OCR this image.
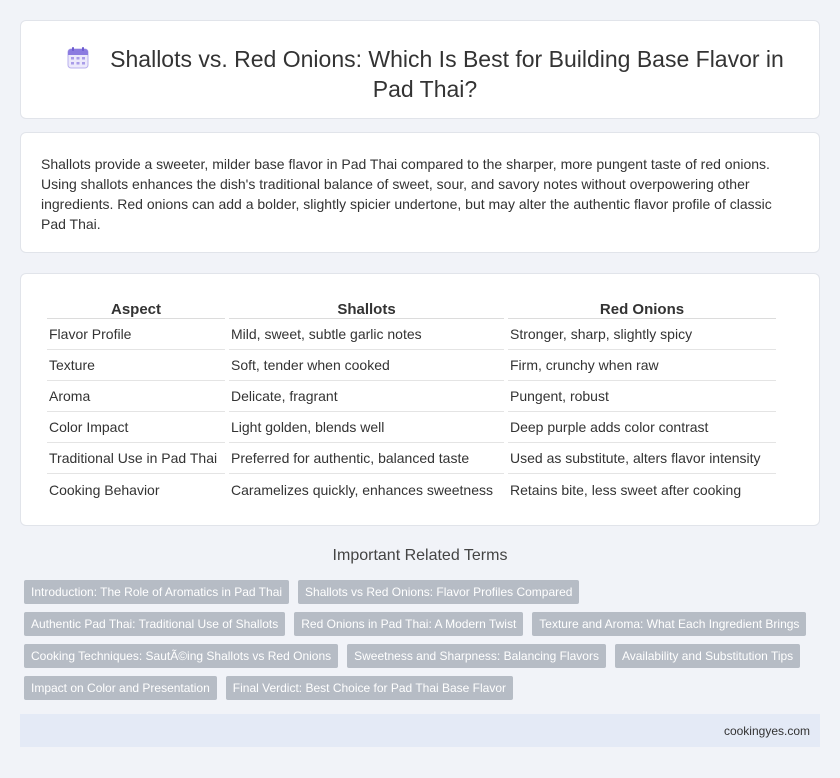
Shallots vs. Red Onions: Which Is Best for Building Base Flavor in Pad Thai?

Shallots provide a sweeter, milder base flavor in Pad Thai compared to the sharper, more pungent taste of red onions. Using shallots enhances the dish's traditional balance of sweet, sour, and savory notes without overpowering other ingredients. Red onions can add a bolder, slightly spicier undertone, but may alter the authentic flavor profile of classic Pad Thai.

Aspect	Shallots	Red Onions
Flavor Profile	Mild, sweet, subtle garlic notes	Stronger, sharp, slightly spicy
Texture	Soft, tender when cooked	Firm, crunchy when raw
Aroma	Delicate, fragrant	Pungent, robust
Color Impact	Light golden, blends well	Deep purple adds color contrast
Traditional Use in Pad Thai	Preferred for authentic, balanced taste	Used as substitute, alters flavor intensity
Cooking Behavior	Caramelizes quickly, enhances sweetness	Retains bite, less sweet after cooking
Important Related Terms
Introduction: The Role of Aromatics in Pad Thai	Shallots vs Red Onions: Flavor Profiles Compared
Authentic Pad Thai: Traditional Use of Shallots	Red Onions in Pad Thai: A Modern Twist	Texture and Aroma: What Each Ingredient Brings
Cooking Techniques: SautÃ©ing Shallots vs Red Onions	Sweetness and Sharpness: Balancing Flavors	Availability and Substitution Tips
Impact on Color and Presentation	Final Verdict: Best Choice for Pad Thai Base Flavor
cookingyes.com
